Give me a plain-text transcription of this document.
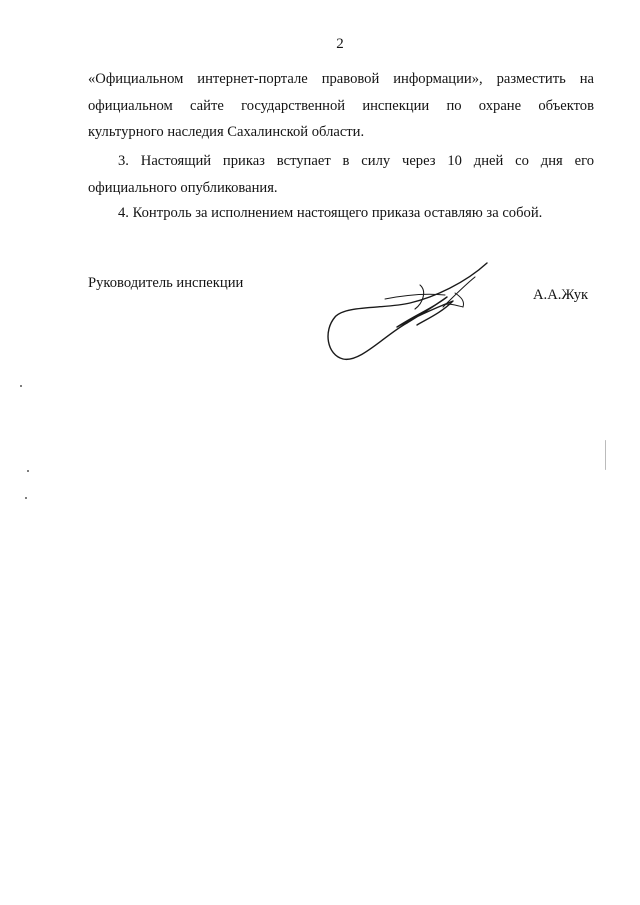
2
«Официальном интернет-портале правовой информации», разместить на
официальном сайте государственной инспекции по охране объектов
культурного наследия Сахалинской области.
3. Настоящий приказ вступает в силу через 10 дней со дня его
официального опубликования.
4. Контроль за исполнением настоящего приказа оставляю за собой.
Руководитель инспекции
А.А.Жук
